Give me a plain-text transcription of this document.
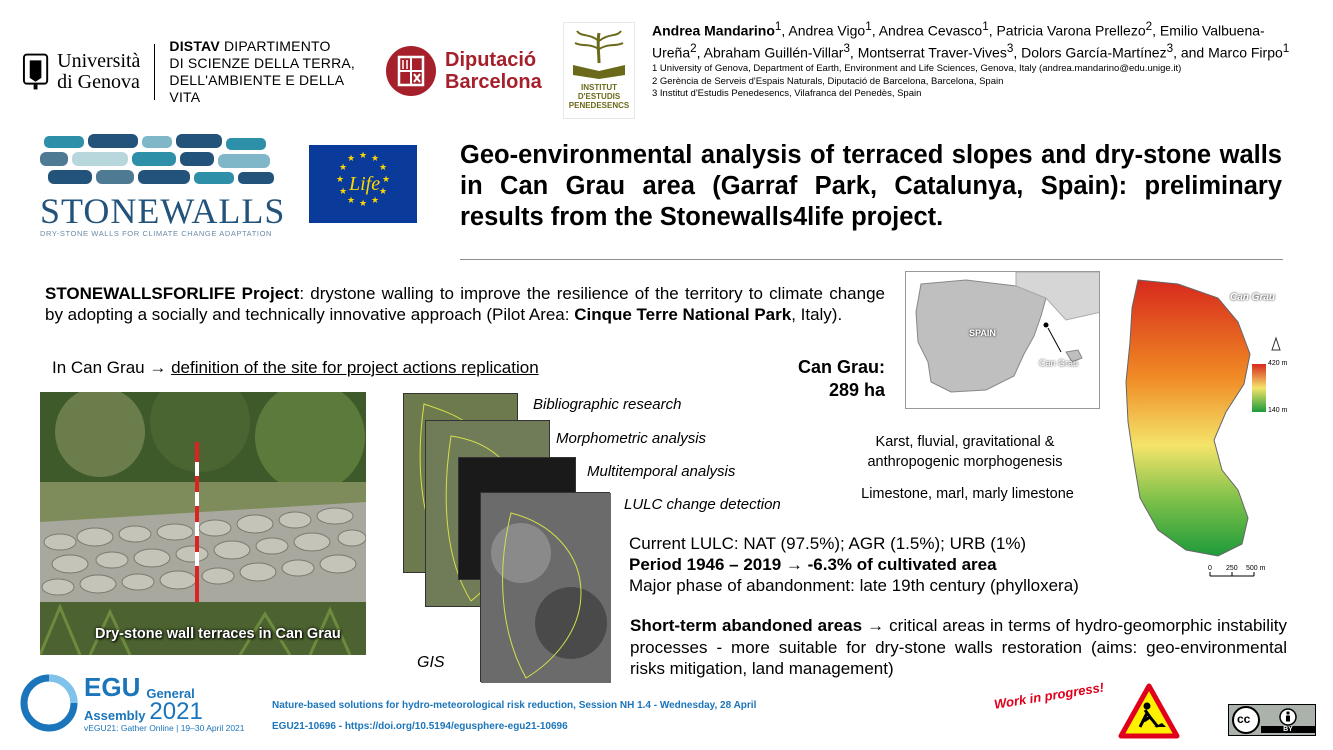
Università
di Genova
DISTAV DIPARTIMENTO
DI SCIENZE DELLA TERRA,
DELL'AMBIENTE E DELLA VITA
Diputació
Barcelona	INSTITUT
D'ESTUDIS
PENEDESENCS
Andrea Mandarino$^1$, Andrea Vigo$^1$, Andrea Cevasco$^1$, Patricia Varona Prellezo$^2$, Emilio Valbuena-Ureña$^2$, Abraham Guillén-Villar$^3$, Montserrat Traver-Vives$^3$, Dolors García-Martínez$^3$, and Marco Firpo$^1$
1 University of Genova, Department of Earth, Environment and Life Sciences, Genova, Italy (andrea.mandarino@edu.unige.it)
2 Gerència de Serveis d'Espais Naturals, Diputació de Barcelona, Barcelona, Spain
3 Institut d'Estudis Penedesencs, Vilafranca del Penedès, Spain
STONEWALLS
DRY-STONE WALLS FOR CLIMATE CHANGE ADAPTATION
★ ★
★
★
★
★
★
★
★
★
★
★
Life
Geo-environmental analysis of terraced slopes and dry-stone walls in Can Grau area (Garraf Park, Catalunya, Spain): preliminary results from the Stonewalls4life project.
STONEWALLSFORLIFE Project: drystone walling to improve the resilience of the territory to climate change by adopting a socially and technically innovative approach (Pilot Area: Cinque Terre National Park, Italy).
In Can Grau → definition of the site for project actions replication	Can Grau:
289 ha
Dry-stone wall terraces in Can Grau
Bibliographic research
Morphometric analysis
Multitemporal analysis
LULC change detection
GIS
SPAIN
Can Grau
Can Grau
420 m
140 m
0 250 500 m
Karst, fluvial, gravitational & anthropogenic morphogenesis
Limestone, marl, marly limestone
Current LULC: NAT (97.5%); AGR (1.5%); URB (1%)
Period 1946 – 2019 → -6.3% of cultivated area
Major phase of abandonment: late 19th century (phylloxera)
Short-term abandoned areas → critical areas in terms of hydro-geomorphic instability processes - more suitable for dry-stone walls restoration (aims: geo-environmental risks mitigation, land management)
EGU General
Assembly 2021
vEGU21: Gather Online | 19–30 April 2021
Nature-based solutions for hydro-meteorological risk reduction, Session NH 1.4 - Wednesday, 28 April
EGU21-10696 - https://doi.org/10.5194/egusphere-egu21-10696
Work in progress!
cc
BY
